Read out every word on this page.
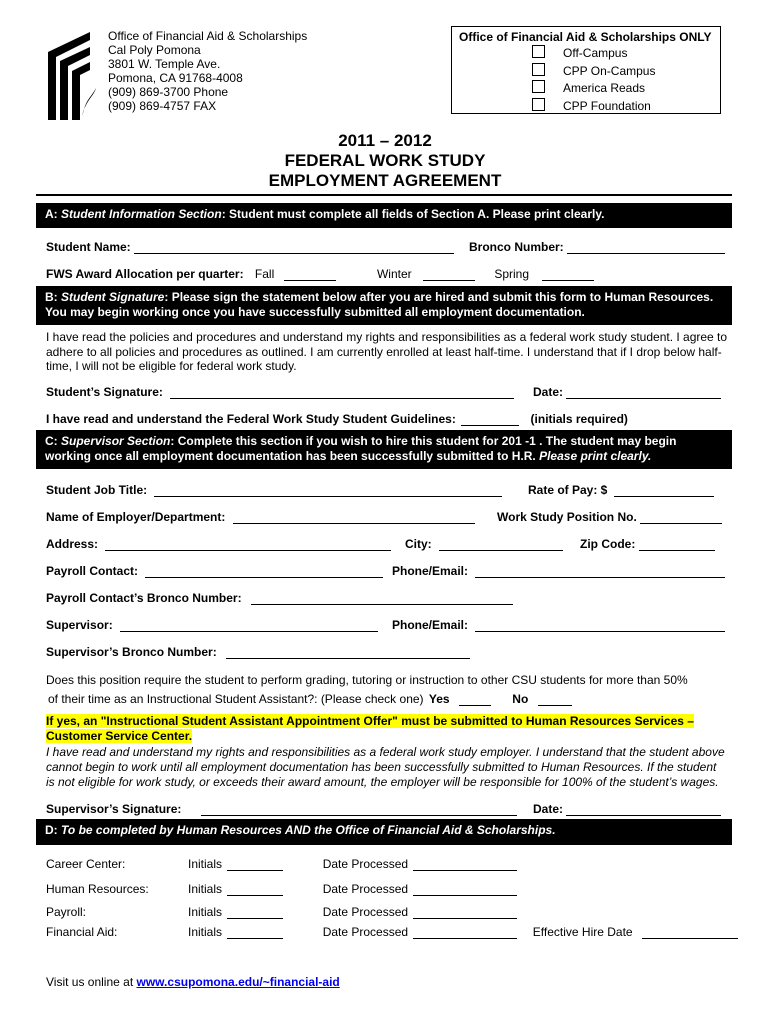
Office of Financial Aid & Scholarships
Cal Poly Pomona
3801 W. Temple Ave.
Pomona, CA 91768-4008
(909) 869-3700 Phone
(909) 869-4757 FAX
Office of Financial Aid & Scholarships ONLY
Off-Campus
CPP On-Campus
America Reads
CPP Foundation
2011 – 2012
FEDERAL WORK STUDY
EMPLOYMENT AGREEMENT
A: Student Information Section: Student must complete all fields of Section A. Please print clearly.
Student Name:	Bronco Number:
FWS Award Allocation per quarter: Fall	Winter	Spring
B: Student Signature: Please sign the statement below after you are hired and submit this form to Human Resources.
You may begin working once you have successfully submitted all employment documentation.
I have read the policies and procedures and understand my rights and responsibilities as a federal work study student. I agree to
adhere to all policies and procedures as outlined. I am currently enrolled at least half-time. I understand that if I drop below half-
time, I will not be eligible for federal work study.
Student’s Signature:	Date:
I have read and understand the Federal Work Study Student Guidelines:	(initials required)
C: Supervisor Section: Complete this section if you wish to hire this student for 201 -1 . The student may begin
working once all employment documentation has been successfully submitted to H.R. Please print clearly.
Student Job Title:	Rate of Pay: $
Name of Employer/Department:	Work Study Position No.
Address:	City:	Zip Code:
Payroll Contact:	Phone/Email:
Payroll Contact’s Bronco Number:
Supervisor:	Phone/Email:
Supervisor’s Bronco Number:
Does this position require the student to perform grading, tutoring or instruction to other CSU students for more than 50%
of their time as an Instructional Student Assistant?: (Please check one) Yes	No
If yes, an "Instructional Student Assistant Appointment Offer" must be submitted to Human Resources Services –
Customer Service Center.
I have read and understand my rights and responsibilities as a federal work study employer. I understand that the student above
cannot begin to work until all employment documentation has been successfully submitted to Human Resources. If the student
is not eligible for work study, or exceeds their award amount, the employer will be responsible for 100% of the student’s wages.
Supervisor’s Signature:	Date:
D: To be completed by Human Resources AND the Office of Financial Aid & Scholarships.
Career Center:	Initials	Date Processed
Human Resources:	Initials	Date Processed
Payroll:	Initials	Date Processed
Financial Aid:	Initials	Date Processed	Effective Hire Date
Visit us online at www.csupomona.edu/~financial-aid
